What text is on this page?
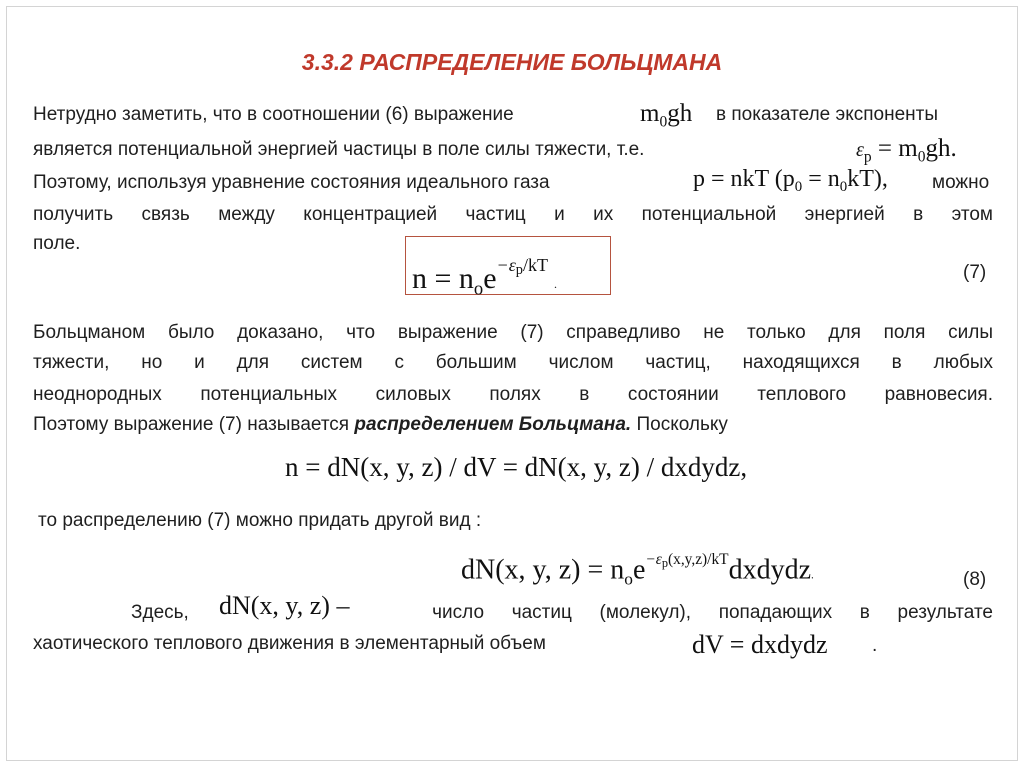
3.3.2 РАСПРЕДЕЛЕНИЕ БОЛЬЦМАНА
Нетрудно заметить, что в соотношении (6) выражение	$m_0gh$ в показателе экспоненты
является потенциальной энергией частицы в поле силы тяжести, т.е.	$\varepsilon_p = m_0gh$.
Поэтому, используя уравнение состояния идеального газа	p = nkT $(p_0 = n_0kT)$, можно
получить связь между концентрацией частиц и их потенциальной энергией в этом
поле.
$n = n_oe^{-\varepsilon p/kT}$.
(7)
Больцманом было доказано, что выражение (7) справедливо не только для поля силы
тяжести, но и для систем с большим числом частиц, находящихся в любых
неоднородных потенциальных силовых полях в состоянии теплового равновесия.
Поэтому выражение (7) называется распределением Больцмана. Поскольку
n = dN(x, y, z) / dV = dN(x, y, z) / dxdydz,
то распределению (7) можно придать другой вид :
dN(x, y, $z) = n_oe^{-\varepsilon_p(x,y,z)/kT}dxdydz$.	(8)
Здесь,	число частиц (молекул), попадающих в результате
dN(x, y, z) –
хаотического теплового движения в элементарный объем	dV = dxdydz .
